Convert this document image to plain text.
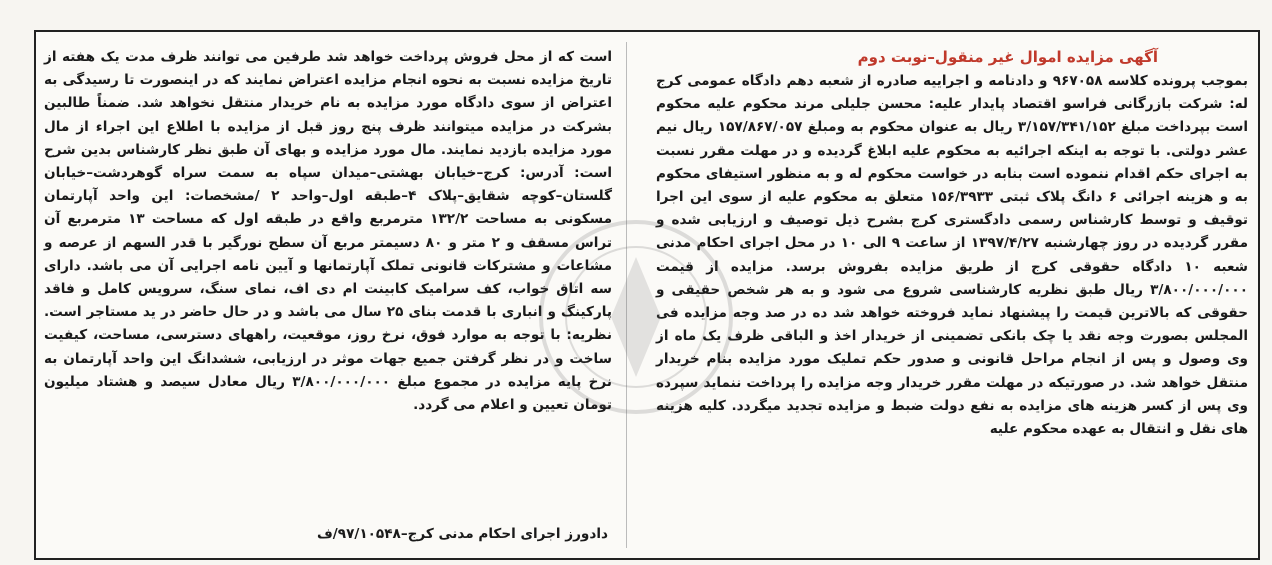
آگهی مزایده اموال غیر منقول–نوبت دوم

بموجب پرونده کلاسه ۹۶۷۰۵۸ و دادنامه و اجراییه صادره از شعبه دهم دادگاه عمومی کرج له: شرکت بازرگانی فراسو اقتصاد پایدار علیه: محسن جلیلی مرند محکوم علیه محکوم است بپرداخت مبلغ ۳/۱۵۷/۳۴۱/۱۵۲ ریال به عنوان محکوم به ومبلغ ۱۵۷/۸۶۷/۰۵۷ ریال نیم عشر دولتی. با توجه به اینکه اجرائیه به محکوم علیه ابلاغ گردیده و در مهلت مقرر نسبت به اجرای حکم اقدام ننموده است بنابه در خواست محکوم له و به منظور استیفای محکوم به و هزینه اجرائی ۶ دانگ پلاک ثبتی ۱۵۶/۳۹۳۳ متعلق به محکوم علیه از سوی این اجرا توقیف و توسط کارشناس رسمی دادگستری کرج بشرح ذیل توصیف و ارزیابی شده و مقرر گردیده در روز چهارشنبه ۱۳۹۷/۴/۲۷ از ساعت ۹ الی ۱۰ در محل اجرای احکام مدنی شعبه ۱۰ دادگاه حقوقی کرج از طریق مزایده بفروش برسد. مزایده از قیمت ۳/۸۰۰/۰۰۰/۰۰۰ ریال طبق نظریه کارشناسی شروع می شود و به هر شخص حقیقی و حقوقی که بالاترین قیمت را پیشنهاد نماید فروخته خواهد شد ده در صد وجه مزایده فی المجلس بصورت وجه نقد یا چک بانکی تضمینی از خریدار اخذ و الباقی ظرف یک ماه از وی وصول و پس از انجام مراحل قانونی و صدور حکم تملیک مورد مزایده بنام خریدار منتقل خواهد شد. در صورتیکه در مهلت مقرر خریدار وجه مزایده را پرداخت ننماید سپرده وی پس از کسر هزینه های مزایده به نفع دولت ضبط و مزایده تجدید میگردد. کلیه هزینه های نقل و انتقال به عهده محکوم علیه

است که از محل فروش پرداخت خواهد شد طرفین می توانند ظرف مدت یک هفته از تاریخ مزایده نسبت به نحوه انجام مزایده اعتراض نمایند که در اینصورت تا رسیدگی به اعتراض از سوی دادگاه مورد مزایده به نام خریدار منتقل نخواهد شد. ضمناً طالبین بشرکت در مزایده میتوانند ظرف پنج روز قبل از مزایده با اطلاع این اجراء از مال مورد مزایده بازدید نمایند. مال مورد مزایده و بهای آن طبق نظر کارشناس بدین شرح است: آدرس: کرج–خیابان بهشتی–میدان سپاه به سمت سراه گوهردشت–خیابان گلستان–کوچه شقایق–پلاک ۴–طبقه اول–واحد ۲ /مشخصات: این واحد آپارتمان مسکونی به مساحت ۱۳۲/۲ مترمربع واقع در طبقه اول که مساحت ۱۳ مترمربع آن تراس مسقف و ۲ متر و ۸۰ دسیمتر مربع آن سطح نورگیر با قدر السهم از عرصه و مشاعات و مشترکات قانونی تملک آپارتمانها و آیین نامه اجرایی آن می باشد. دارای سه اتاق خواب، کف سرامیک کابینت ام دی اف، نمای سنگ، سرویس کامل و فاقد پارکینگ و انباری با قدمت بنای ۲۵ سال می باشد و در حال حاضر در ید مستاجر است. نظریه: با توجه به موارد فوق، نرخ روز، موقعیت، راههای دسترسی، مساحت، کیفیت ساخت و در نظر گرفتن جمیع جهات موثر در ارزیابی، ششدانگ این واحد آپارتمان به نرخ پایه مزایده در مجموع مبلغ ۳/۸۰۰/۰۰۰/۰۰۰ ریال معادل سیصد و هشتاد میلیون تومان تعیین و اعلام می گردد.

دادورز اجرای احکام مدنی کرج–۹۷/۱۰۵۴۸/ف
